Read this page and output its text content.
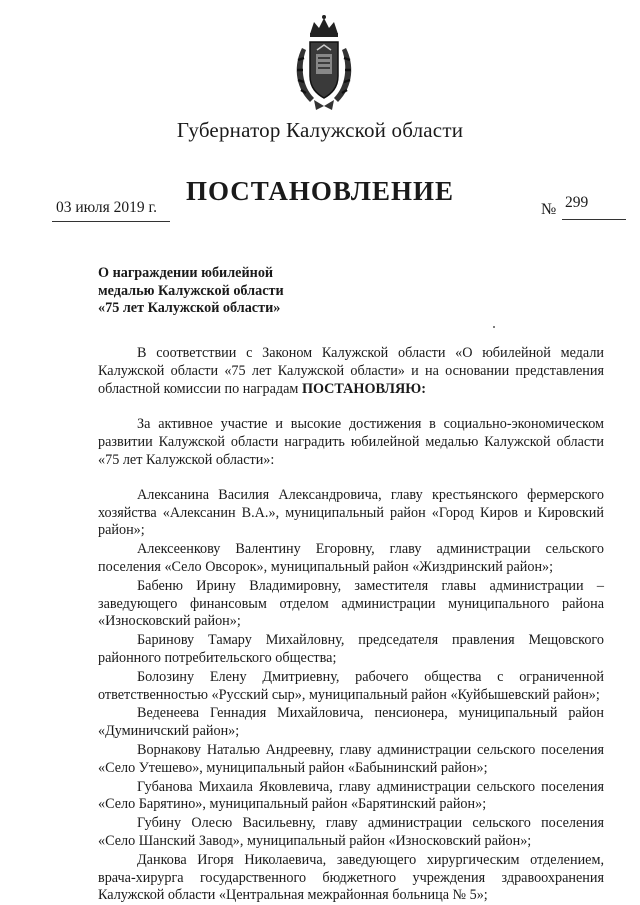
Губернатор Калужской области
ПОСТАНОВЛЕНИЕ
03 июля 2019 г.	№ 299
О награждении юбилейной
медалью Калужской области
«75 лет Калужской области»

В соответствии с Законом Калужской области «О юбилейной медали Калужской области «75 лет Калужской области» и на основании представления областной комиссии по наградам ПОСТАНОВЛЯЮ:

За активное участие и высокие достижения в социально-экономическом развитии Калужской области наградить юбилейной медалью Калужской области «75 лет Калужской области»:

Алексанина Василия Александровича, главу крестьянского фермерского хозяйства «Алексанин В.А.», муниципальный район «Город Киров и Кировский район»;

Алексеенкову Валентину Егоровну, главу администрации сельского поселения «Село Овсорок», муниципальный район «Жиздринский район»;

Бабеню Ирину Владимировну, заместителя главы администрации – заведующего финансовым отделом администрации муниципального района «Износковский район»;

Баринову Тамару Михайловну, председателя правления Мещовского районного потребительского общества;

Болозину Елену Дмитриевну, рабочего общества с ограниченной ответственностью «Русский сыр», муниципальный район «Куйбышевский район»;

Веденеева Геннадия Михайловича, пенсионера, муниципальный район «Думиничский район»;

Ворнакову Наталью Андреевну, главу администрации сельского поселения «Село Утешево», муниципальный район «Бабынинский район»;

Губанова Михаила Яковлевича, главу администрации сельского поселения «Село Барятино», муниципальный район «Барятинский район»;

Губину Олесю Васильевну, главу администрации сельского поселения «Село Шанский Завод», муниципальный район «Износковский район»;

Данкова Игоря Николаевича, заведующего хирургическим отделением, врача-хирурга государственного бюджетного учреждения здравоохранения Калужской области «Центральная межрайонная больница № 5»;
